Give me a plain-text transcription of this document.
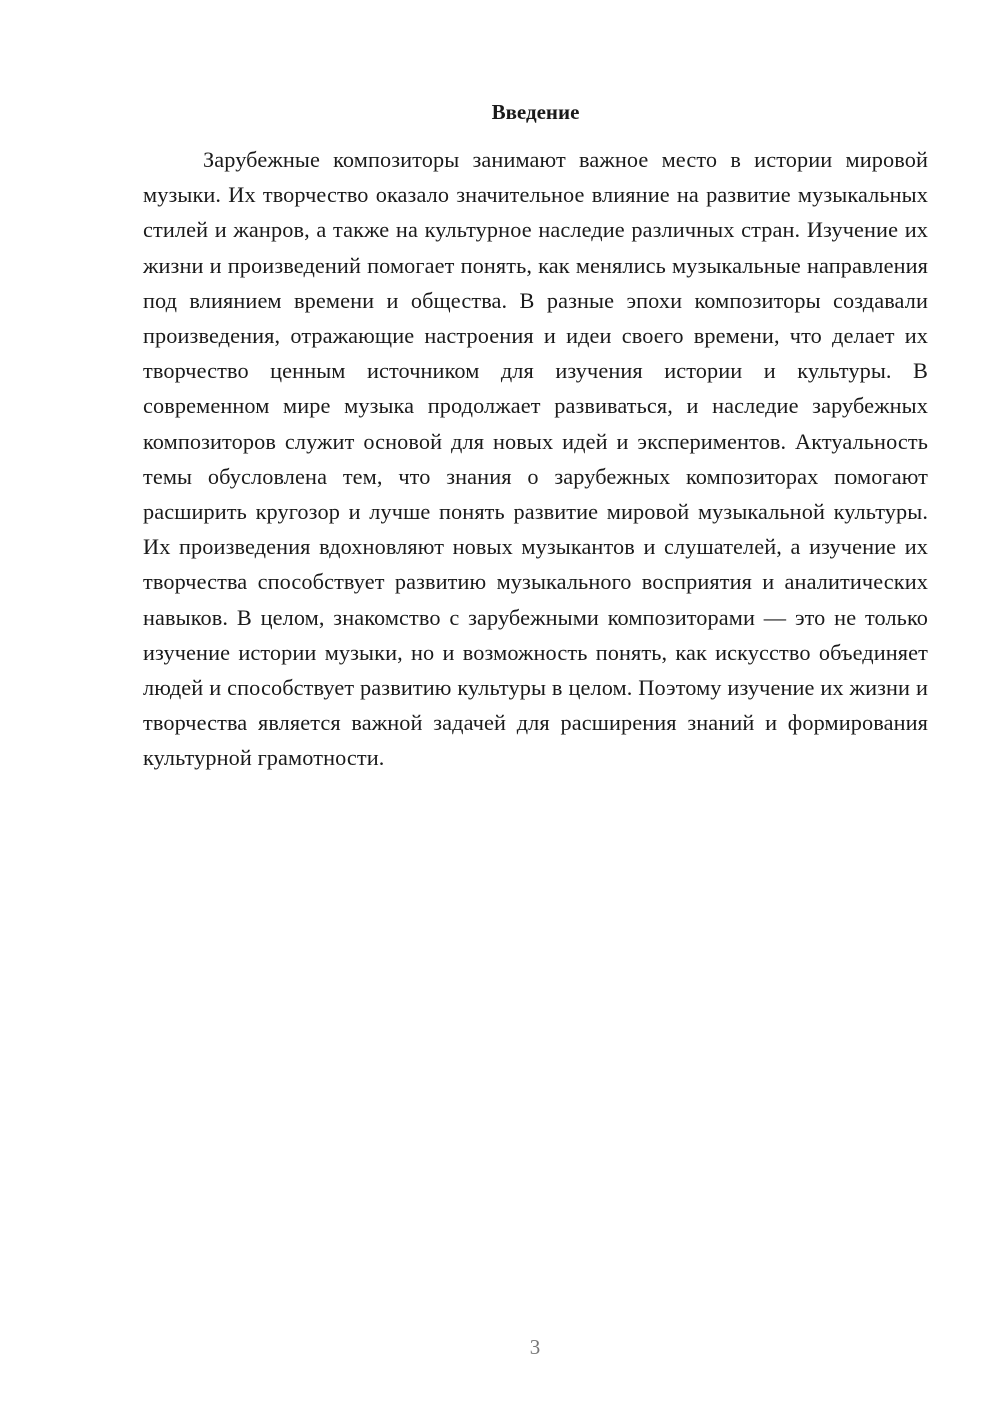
Введение

Зарубежные композиторы занимают важное место в истории мировой музыки. Их творчество оказало значительное влияние на развитие музыкальных стилей и жанров, а также на культурное наследие различных стран. Изучение их жизни и произведений помогает понять, как менялись музыкальные направления под влиянием времени и общества. В разные эпохи композиторы создавали произведения, отражающие настроения и идеи своего времени, что делает их творчество ценным источником для изучения истории и культуры. В современном мире музыка продолжает развиваться, и наследие зарубежных композиторов служит основой для новых идей и экспериментов. Актуальность темы обусловлена тем, что знания о зарубежных композиторах помогают расширить кругозор и лучше понять развитие мировой музыкальной культуры. Их произведения вдохновляют новых музыкантов и слушателей, а изучение их творчества способствует развитию музыкального восприятия и аналитических навыков. В целом, знакомство с зарубежными композиторами — это не только изучение истории музыки, но и возможность понять, как искусство объединяет людей и способствует развитию культуры в целом. Поэтому изучение их жизни и творчества является важной задачей для расширения знаний и формирования культурной грамотности.

3
